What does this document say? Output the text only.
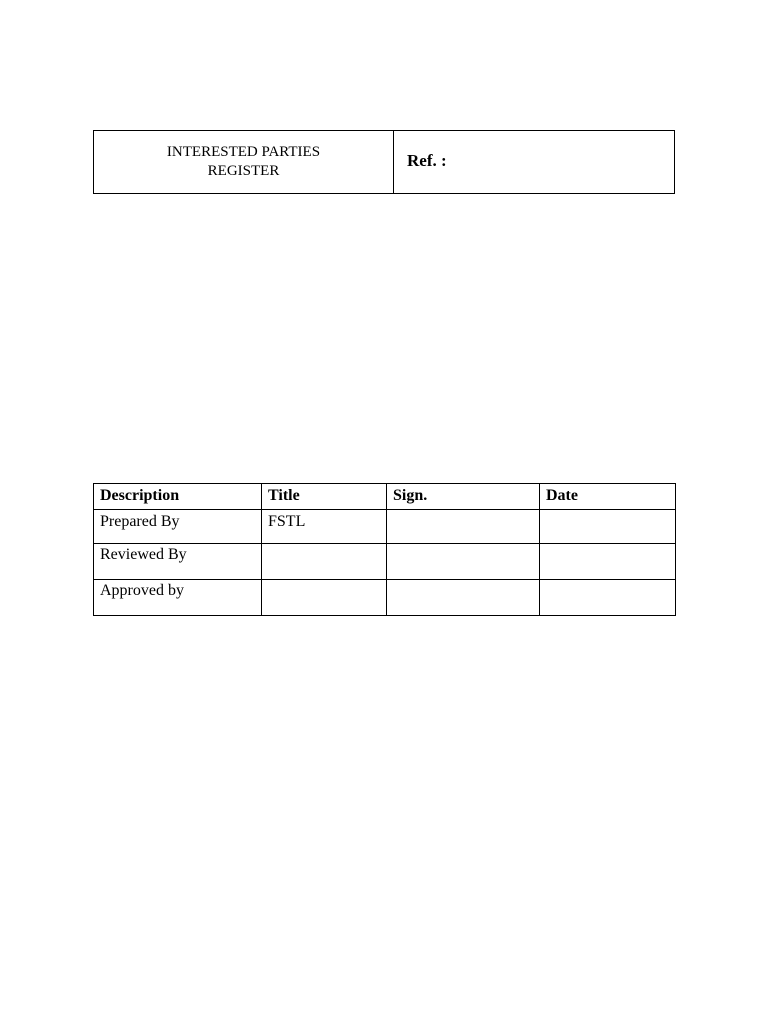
INTERESTED PARTIES
REGISTER
Ref. :
Description	Title	Sign.	Date
Prepared By	FSTL		
Reviewed By			
Approved by			
